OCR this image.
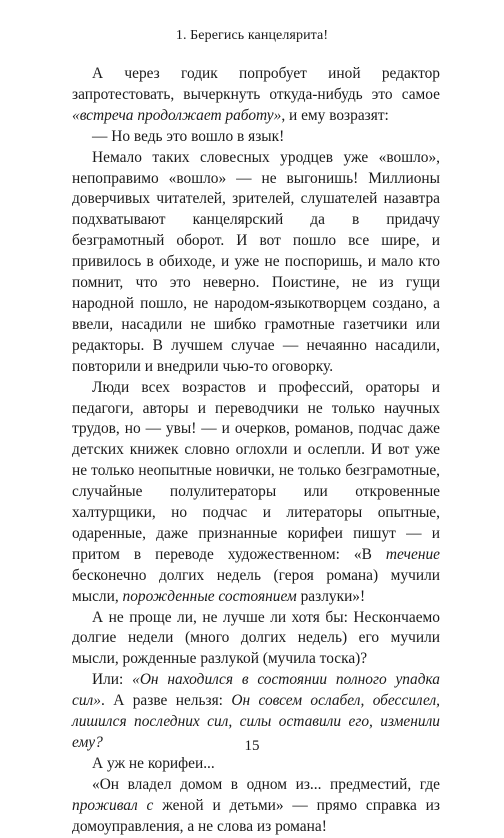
1. Берегись канцелярита!

А через годик попробует иной редактор запротестовать, вычеркнуть откуда-нибудь это самое «встреча продолжает работу», и ему возразят:

— Но ведь это вошло в язык!

Немало таких словесных уродцев уже «вошло», непоправимо «вошло» — не выгонишь! Миллионы доверчивых читателей, зрителей, слушателей назавтра подхватывают канцелярский да в придачу безграмотный оборот. И вот пошло все шире, и привилось в обиходе, и уже не поспоришь, и мало кто помнит, что это неверно. Поистине, не из гущи народной пошло, не народом-языкотворцем создано, а ввели, насадили не шибко грамотные газетчики или редакторы. В лучшем случае — нечаянно насадили, повторили и внедрили чью-то оговорку.

Люди всех возрастов и профессий, ораторы и педагоги, авторы и переводчики не только научных трудов, но — увы! — и очерков, романов, подчас даже детских книжек словно оглохли и ослепли. И вот уже не только неопытные новички, не только безграмотные, случайные полулитераторы или откровенные халтурщики, но подчас и литераторы опытные, одаренные, даже признанные корифеи пишут — и притом в переводе художественном: «В течение бесконечно долгих недель (героя романа) мучили мысли, порожденные состоянием разлуки»!

А не проще ли, не лучше ли хотя бы: Нескончаемо долгие недели (много долгих недель) его мучили мысли, рожденные разлукой (мучила тоска)?

Или: «Он находился в состоянии полного упадка сил». А разве нельзя: Он совсем ослабел, обессилел, лишился последних сил, силы оставили его, изменили ему?

А уж не корифеи...

«Он владел домом в одном из... предместий, где проживал с женой и детьми» — прямо справка из домоуправления, а не слова из романа!

15
